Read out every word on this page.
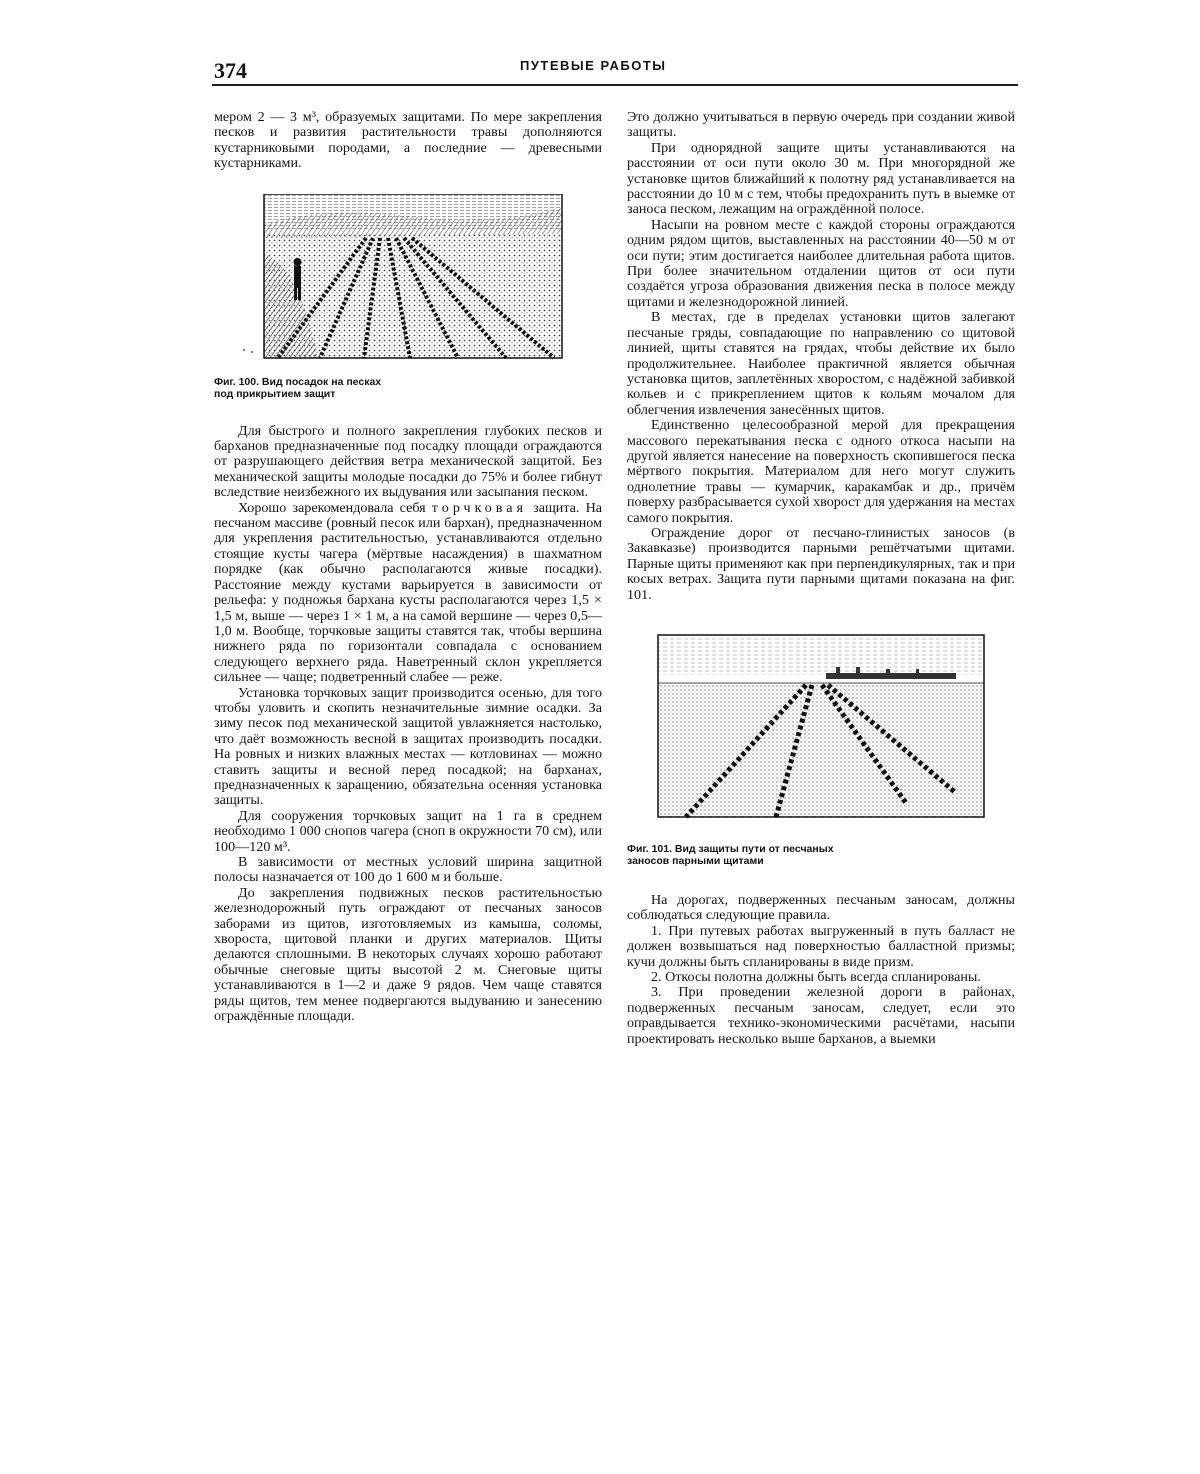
374	ПУТЕВЫЕ РАБОТЫ

мером 2 — 3 м³, образуемых защитами. По мере закрепления песков и развития растительности травы дополняются кустарниковыми породами, а последние — древесными кустарниками.

Фиг. 100. Вид посадок на песках

под прикрытием защит

Для быстрого и полного закрепления глубоких песков и барханов предназначенные под посадку площади ограждаются от разрушающего действия ветра механической защитой. Без механической защиты молодые посадки до 75% и более гибнут вследствие неизбежного их выдувания или засыпания песком.

Хорошо зарекомендовала себя торчковая защита. На песчаном массиве (ровный песок или бархан), предназначенном для укрепления растительностью, устанавливаются отдельно стоящие кусты чагера (мёртвые насаждения) в шахматном порядке (как обычно располагаются живые посадки). Расстояние между кустами варьируется в зависимости от рельефа: у подножья бархана кусты располагаются через 1,5 × 1,5 м, выше — через 1 × 1 м, а на самой вершине — через 0,5—1,0 м. Вообще, торчковые защиты ставятся так, чтобы вершина нижнего ряда по горизонтали совпадала с основанием следующего верхнего ряда. Наветренный склон укрепляется сильнее — чаще; подветренный слабее — реже.

Установка торчковых защит производится осенью, для того чтобы уловить и скопить незначительные зимние осадки. За зиму песок под механической защитой увлажняется настолько, что даёт возможность весной в защитах производить посадки. На ровных и низких влажных местах — котловинах — можно ставить защиты и весной перед посадкой; на барханах, предназначенных к заращению, обязательна осенняя установка защиты.

Для сооружения торчковых защит на 1 га в среднем необходимо 1 000 снопов чагера (сноп в окружности 70 см), или 100—120 м³.

В зависимости от местных условий ширина защитной полосы назначается от 100 до 1 600 м и больше.

До закрепления подвижных песков растительностью железнодорожный путь ограждают от песчаных заносов заборами из щитов, изготовляемых из камыша, соломы, хвороста, щитовой планки и других материалов. Щиты делаются сплошными. В некоторых случаях хорошо работают обычные снеговые щиты высотой 2 м. Снеговые щиты устанавливаются в 1—2 и даже 9 рядов. Чем чаще ставятся ряды щитов, тем менее подвергаются выдуванию и занесению ограждённые площади.

Это должно учитываться в первую очередь при создании живой защиты.

При однорядной защите щиты устанавливаются на расстоянии от оси пути около 30 м. При многорядной же установке щитов ближайший к полотну ряд устанавливается на расстоянии до 10 м с тем, чтобы предохранить путь в выемке от заноса песком, лежащим на ограждённой полосе.

Насыпи на ровном месте с каждой стороны ограждаются одним рядом щитов, выставленных на расстоянии 40—50 м от оси пути; этим достигается наиболее длительная работа щитов. При более значительном отдалении щитов от оси пути создаётся угроза образования движения песка в полосе между щитами и железнодорожной линией.

В местах, где в пределах установки щитов залегают песчаные гряды, совпадающие по направлению со щитовой линией, щиты ставятся на грядах, чтобы действие их было продолжительнее. Наиболее практичной является обычная установка щитов, заплетённых хворостом, с надёжной забивкой кольев и с прикреплением щитов к кольям мочалом для облегчения извлечения занесённых щитов.

Единственно целесообразной мерой для прекращения массового перекатывания песка с одного откоса насыпи на другой является нанесение на поверхность скопившегося песка мёртвого покрытия. Материалом для него могут служить однолетние травы — кумарчик, каракамбак и др., причём поверху разбрасывается сухой хворост для удержания на местах самого покрытия.

Ограждение дорог от песчано-глинистых заносов (в Закавказье) производится парными решётчатыми щитами. Парные щиты применяют как при перпендикулярных, так и при косых ветрах. Защита пути парными щитами показана на фиг. 101.

Фиг. 101. Вид защиты пути от песчаных

заносов парными щитами

На дорогах, подверженных песчаным заносам, должны соблюдаться следующие правила.

1. При путевых работах выгруженный в путь балласт не должен возвышаться над поверхностью балластной призмы; кучи должны быть спланированы в виде призм.

2. Откосы полотна должны быть всегда спланированы.

3. При проведении железной дороги в районах, подверженных песчаным заносам, следует, если это оправдывается технико-экономическими расчётами, насыпи проектировать несколько выше барханов, а выемки
